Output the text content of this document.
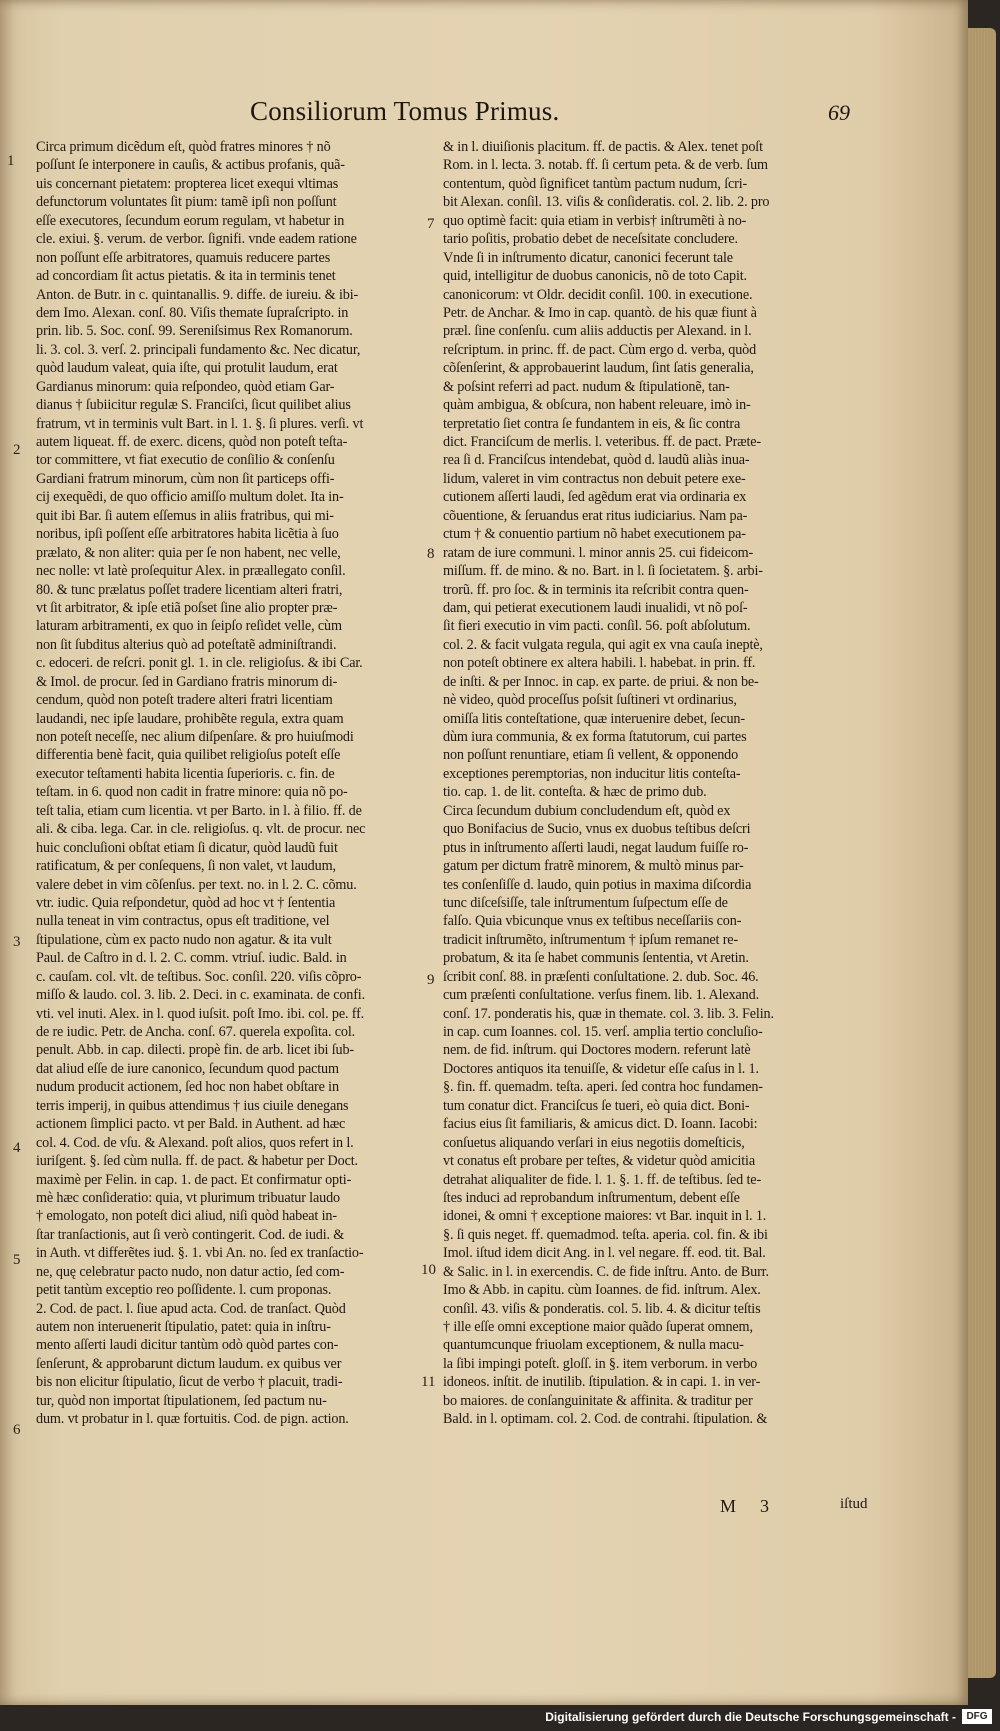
Consiliorum Tomus Primus.	69
Circa primum dicẽdum eſt, quòd fratres minores † nõ
poſſunt ſe interponere in cauſis, & actibus profanis, quã-
uis concernant pietatem: propterea licet exequi vltimas
defunctorum voluntates ſit pium: tamẽ ipſi non poſſunt
eſſe executores, ſecundum eorum regulam, vt habetur in
cle. exiui. §. verum. de verbor. ſignifi. vnde eadem ratione
non poſſunt eſſe arbitratores, quamuis reducere partes
ad concordiam ſit actus pietatis. & ita in terminis tenet
Anton. de Butr. in c. quintanallis. 9. diffe. de iureiu. & ibi-
dem Imo. Alexan. conſ. 80. Viſis themate ſupraſcripto. in
prin. lib. 5. Soc. conſ. 99. Sereniſsimus Rex Romanorum.
li. 3. col. 3. verſ. 2. principali fundamento &c. Nec dicatur,
quòd laudum valeat, quia iſte, qui protulit laudum, erat
Gardianus minorum: quia reſpondeo, quòd etiam Gar-
dianus † ſubiicitur regulæ S. Franciſci, ſicut quilibet alius
fratrum, vt in terminis vult Bart. in l. 1. §. ſi plures. verſi. vt
autem liqueat. ff. de exerc. dicens, quòd non poteſt teſta-
tor committere, vt fiat executio de conſilio & conſenſu
Gardiani fratrum minorum, cùm non ſit particeps offi-
cij exequẽdi, de quo officio amiſſo multum dolet. Ita in-
quit ibi Bar. ſi autem eſſemus in aliis fratribus, qui mi-
noribus, ipſi poſſent eſſe arbitratores habita licẽtia à ſuo
prælato, & non aliter: quia per ſe non habent, nec velle,
nec nolle: vt latè proſequitur Alex. in præallegato conſil.
80. & tunc prælatus poſſet tradere licentiam alteri fratri,
vt ſit arbitrator, & ipſe etiã poſset ſine alio propter præ-
laturam arbitramenti, ex quo in ſeipſo reſidet velle, cùm
non ſit ſubditus alterius quò ad poteſtatẽ adminiſtrandi.
c. edoceri. de reſcri. ponit gl. 1. in cle. religioſus. & ibi Car.
& Imol. de procur. ſed in Gardiano fratris minorum di-
cendum, quòd non poteſt tradere alteri fratri licentiam
laudandi, nec ipſe laudare, prohibẽte regula, extra quam
non poteſt neceſſe, nec alium diſpenſare. & pro huiuſmodi
differentia benè facit, quia quilibet religioſus poteſt eſſe
executor teſtamenti habita licentia ſuperioris. c. fin. de
teſtam. in 6. quod non cadit in fratre minore: quia nõ po-
teſt talia, etiam cum licentia. vt per Barto. in l. à filio. ff. de
ali. & ciba. lega. Car. in cle. religioſus. q. vlt. de procur. nec
huic concluſioni obſtat etiam ſi dicatur, quòd laudũ fuit
ratificatum, & per conſequens, ſi non valet, vt laudum,
valere debet in vim cõſenſus. per text. no. in l. 2. C. cõmu.
vtr. iudic. Quia reſpondetur, quòd ad hoc vt † ſententia
nulla teneat in vim contractus, opus eſt traditione, vel
ſtipulatione, cùm ex pacto nudo non agatur. & ita vult
Paul. de Caſtro in d. l. 2. C. comm. vtriuſ. iudic. Bald. in
c. cauſam. col. vlt. de teſtibus. Soc. conſil. 220. viſis cõpro-
miſſo & laudo. col. 3. lib. 2. Deci. in c. examinata. de confi.
vti. vel inuti. Alex. in l. quod iuſsit. poſt Imo. ibi. col. pe. ff.
de re iudic. Petr. de Ancha. conſ. 67. querela expoſita. col.
penult. Abb. in cap. dilecti. propè fin. de arb. licet ibi ſub-
dat aliud eſſe de iure canonico, ſecundum quod pactum
nudum producit actionem, ſed hoc non habet obſtare in
terris imperij, in quibus attendimus † ius ciuile denegans
actionem ſimplici pacto. vt per Bald. in Authent. ad hæc
col. 4. Cod. de vſu. & Alexand. poſt alios, quos refert in l.
iuriſgent. §. ſed cùm nulla. ff. de pact. & habetur per Doct.
maximè per Felin. in cap. 1. de pact. Et confirmatur opti-
mè hæc conſideratio: quia, vt plurimum tribuatur laudo
† emologato, non poteſt dici aliud, niſi quòd habeat in-
ſtar tranſactionis, aut ſi verò contingerit. Cod. de iudi. &
in Auth. vt differẽtes iud. §. 1. vbi An. no. ſed ex tranſactio-
ne, quę celebratur pacto nudo, non datur actio, ſed com-
petit tantùm exceptio reo poſſidente. l. cum proponas.
2. Cod. de pact. l. ſiue apud acta. Cod. de tranſact. Quòd
autem non interuenerit ſtipulatio, patet: quia in inſtru-
mento aſſerti laudi dicitur tantùm odò quòd partes con-
ſenſerunt, & approbarunt dictum laudum. ex quibus ver
bis non elicitur ſtipulatio, ſicut de verbo † placuit, tradi-
tur, quòd non importat ſtipulationem, ſed pactum nu-
dum. vt probatur in l. quæ fortuitis. Cod. de pign. action.
& in l. diuiſionis placitum. ff. de pactis. & Alex. tenet poſt
Rom. in l. lecta. 3. notab. ff. ſi certum peta. & de verb. ſum
contentum, quòd ſignificet tantùm pactum nudum, ſcri-
bit Alexan. conſil. 13. viſis & conſideratis. col. 2. lib. 2. pro
quo optimè facit: quia etiam in verbis† inſtrumẽti à no-
tario poſitis, probatio debet de neceſsitate concludere.
Vnde ſi in inſtrumento dicatur, canonici fecerunt tale
quid, intelligitur de duobus canonicis, nõ de toto Capit.
canonicorum: vt Oldr. decidit conſil. 100. in executione.
Petr. de Anchar. & Imo in cap. quantò. de his quæ fiunt à
præl. ſine conſenſu. cum aliis adductis per Alexand. in l.
reſcriptum. in princ. ff. de pact. Cùm ergo d. verba, quòd
cõſenſerint, & approbauerint laudum, ſint ſatis generalia,
& poſsint referri ad pact. nudum & ſtipulationẽ, tan-
quàm ambigua, & obſcura, non habent releuare, imò in-
terpretatio ſiet contra ſe fundantem in eis, & ſic contra
dict. Franciſcum de merlis. l. veteribus. ff. de pact. Præte-
rea ſi d. Franciſcus intendebat, quòd d. laudũ aliàs inua-
lidum, valeret in vim contractus non debuit petere exe-
cutionem aſſerti laudi, ſed agẽdum erat via ordinaria ex
cõuentione, & ſeruandus erat ritus iudiciarius. Nam pa-
ctum † & conuentio partium nõ habet executionem pa-
ratam de iure communi. l. minor annis 25. cui fideicom-
miſſum. ff. de mino. & no. Bart. in l. ſi ſocietatem. §. arbi-
trorũ. ff. pro ſoc. & in terminis ita reſcribit contra quen-
dam, qui petierat executionem laudi inualidi, vt nõ poſ-
ſit fieri executio in vim pacti. conſil. 56. poſt abſolutum.
col. 2. & facit vulgata regula, qui agit ex vna cauſa ineptè,
non poteſt obtinere ex altera habili. l. habebat. in prin. ff.
de inſti. & per Innoc. in cap. ex parte. de priui. & non be-
nè video, quòd proceſſus poſsit ſuſtineri vt ordinarius,
omiſſa litis conteſtatione, quæ interuenire debet, ſecun-
dùm iura communia, & ex forma ſtatutorum, cui partes
non poſſunt renuntiare, etiam ſi vellent, & opponendo
exceptiones peremptorias, non inducitur litis conteſta-
tio. cap. 1. de lit. conteſta. & hæc de primo dub.
Circa ſecundum dubium concludendum eſt, quòd ex
quo Bonifacius de Sucio, vnus ex duobus teſtibus deſcri
ptus in inſtrumento aſſerti laudi, negat laudum fuiſſe ro-
gatum per dictum fratrẽ minorem, & multò minus par-
tes conſenſiſſe d. laudo, quin potius in maxima diſcordia
tunc diſceſsiſſe, tale inſtrumentum ſuſpectum eſſe de
falſo. Quia vbicunque vnus ex teſtibus neceſſariis con-
tradicit inſtrumẽto, inſtrumentum † ipſum remanet re-
probatum, & ita ſe habet communis ſententia, vt Aretin.
ſcribit conſ. 88. in præſenti conſultatione. 2. dub. Soc. 46.
cum præſenti conſultatione. verſus finem. lib. 1. Alexand.
conſ. 17. ponderatis his, quæ in themate. col. 3. lib. 3. Felin.
in cap. cum Ioannes. col. 15. verſ. amplia tertio concluſio-
nem. de fid. inſtrum. qui Doctores modern. referunt latè
Doctores antiquos ita tenuiſſe, & videtur eſſe caſus in l. 1.
§. fin. ff. quemadm. teſta. aperi. ſed contra hoc fundamen-
tum conatur dict. Franciſcus ſe tueri, eò quia dict. Boni-
facius eius ſit familiaris, & amicus dict. D. Ioann. Iacobi:
conſuetus aliquando verſari in eius negotiis domeſticis,
vt conatus eſt probare per teſtes, & videtur quòd amicitia
detrahat aliqualiter de fide. l. 1. §. 1. ff. de teſtibus. ſed te-
ſtes induci ad reprobandum inſtrumentum, debent eſſe
idonei, & omni † exceptione maiores: vt Bar. inquit in l. 1.
§. ſi quis neget. ff. quemadmod. teſta. aperia. col. fin. & ibi
Imol. iſtud idem dicit Ang. in l. vel negare. ff. eod. tit. Bal.
& Salic. in l. in exercendis. C. de fide inſtru. Anto. de Burr.
Imo & Abb. in capitu. cùm Ioannes. de fid. inſtrum. Alex.
conſil. 43. viſis & ponderatis. col. 5. lib. 4. & dicitur teſtis
† ille eſſe omni exceptione maior quãdo ſuperat omnem,
quantumcunque friuolam exceptionem, & nulla macu-
la ſibi impingi poteſt. gloſſ. in §. item verborum. in verbo
idoneos. inſtit. de inutilib. ſtipulation. & in capi. 1. in ver-
bo maiores. de conſanguinitate & affinita. & traditur per
Bald. in l. optimam. col. 2. Cod. de contrahi. ſtipulation. &
1
2
3
4
5
6
7
8
9
10
11
M 3	iſtud
Digitalisierung gefördert durch die Deutsche Forschungsgemeinschaft -	DFG
